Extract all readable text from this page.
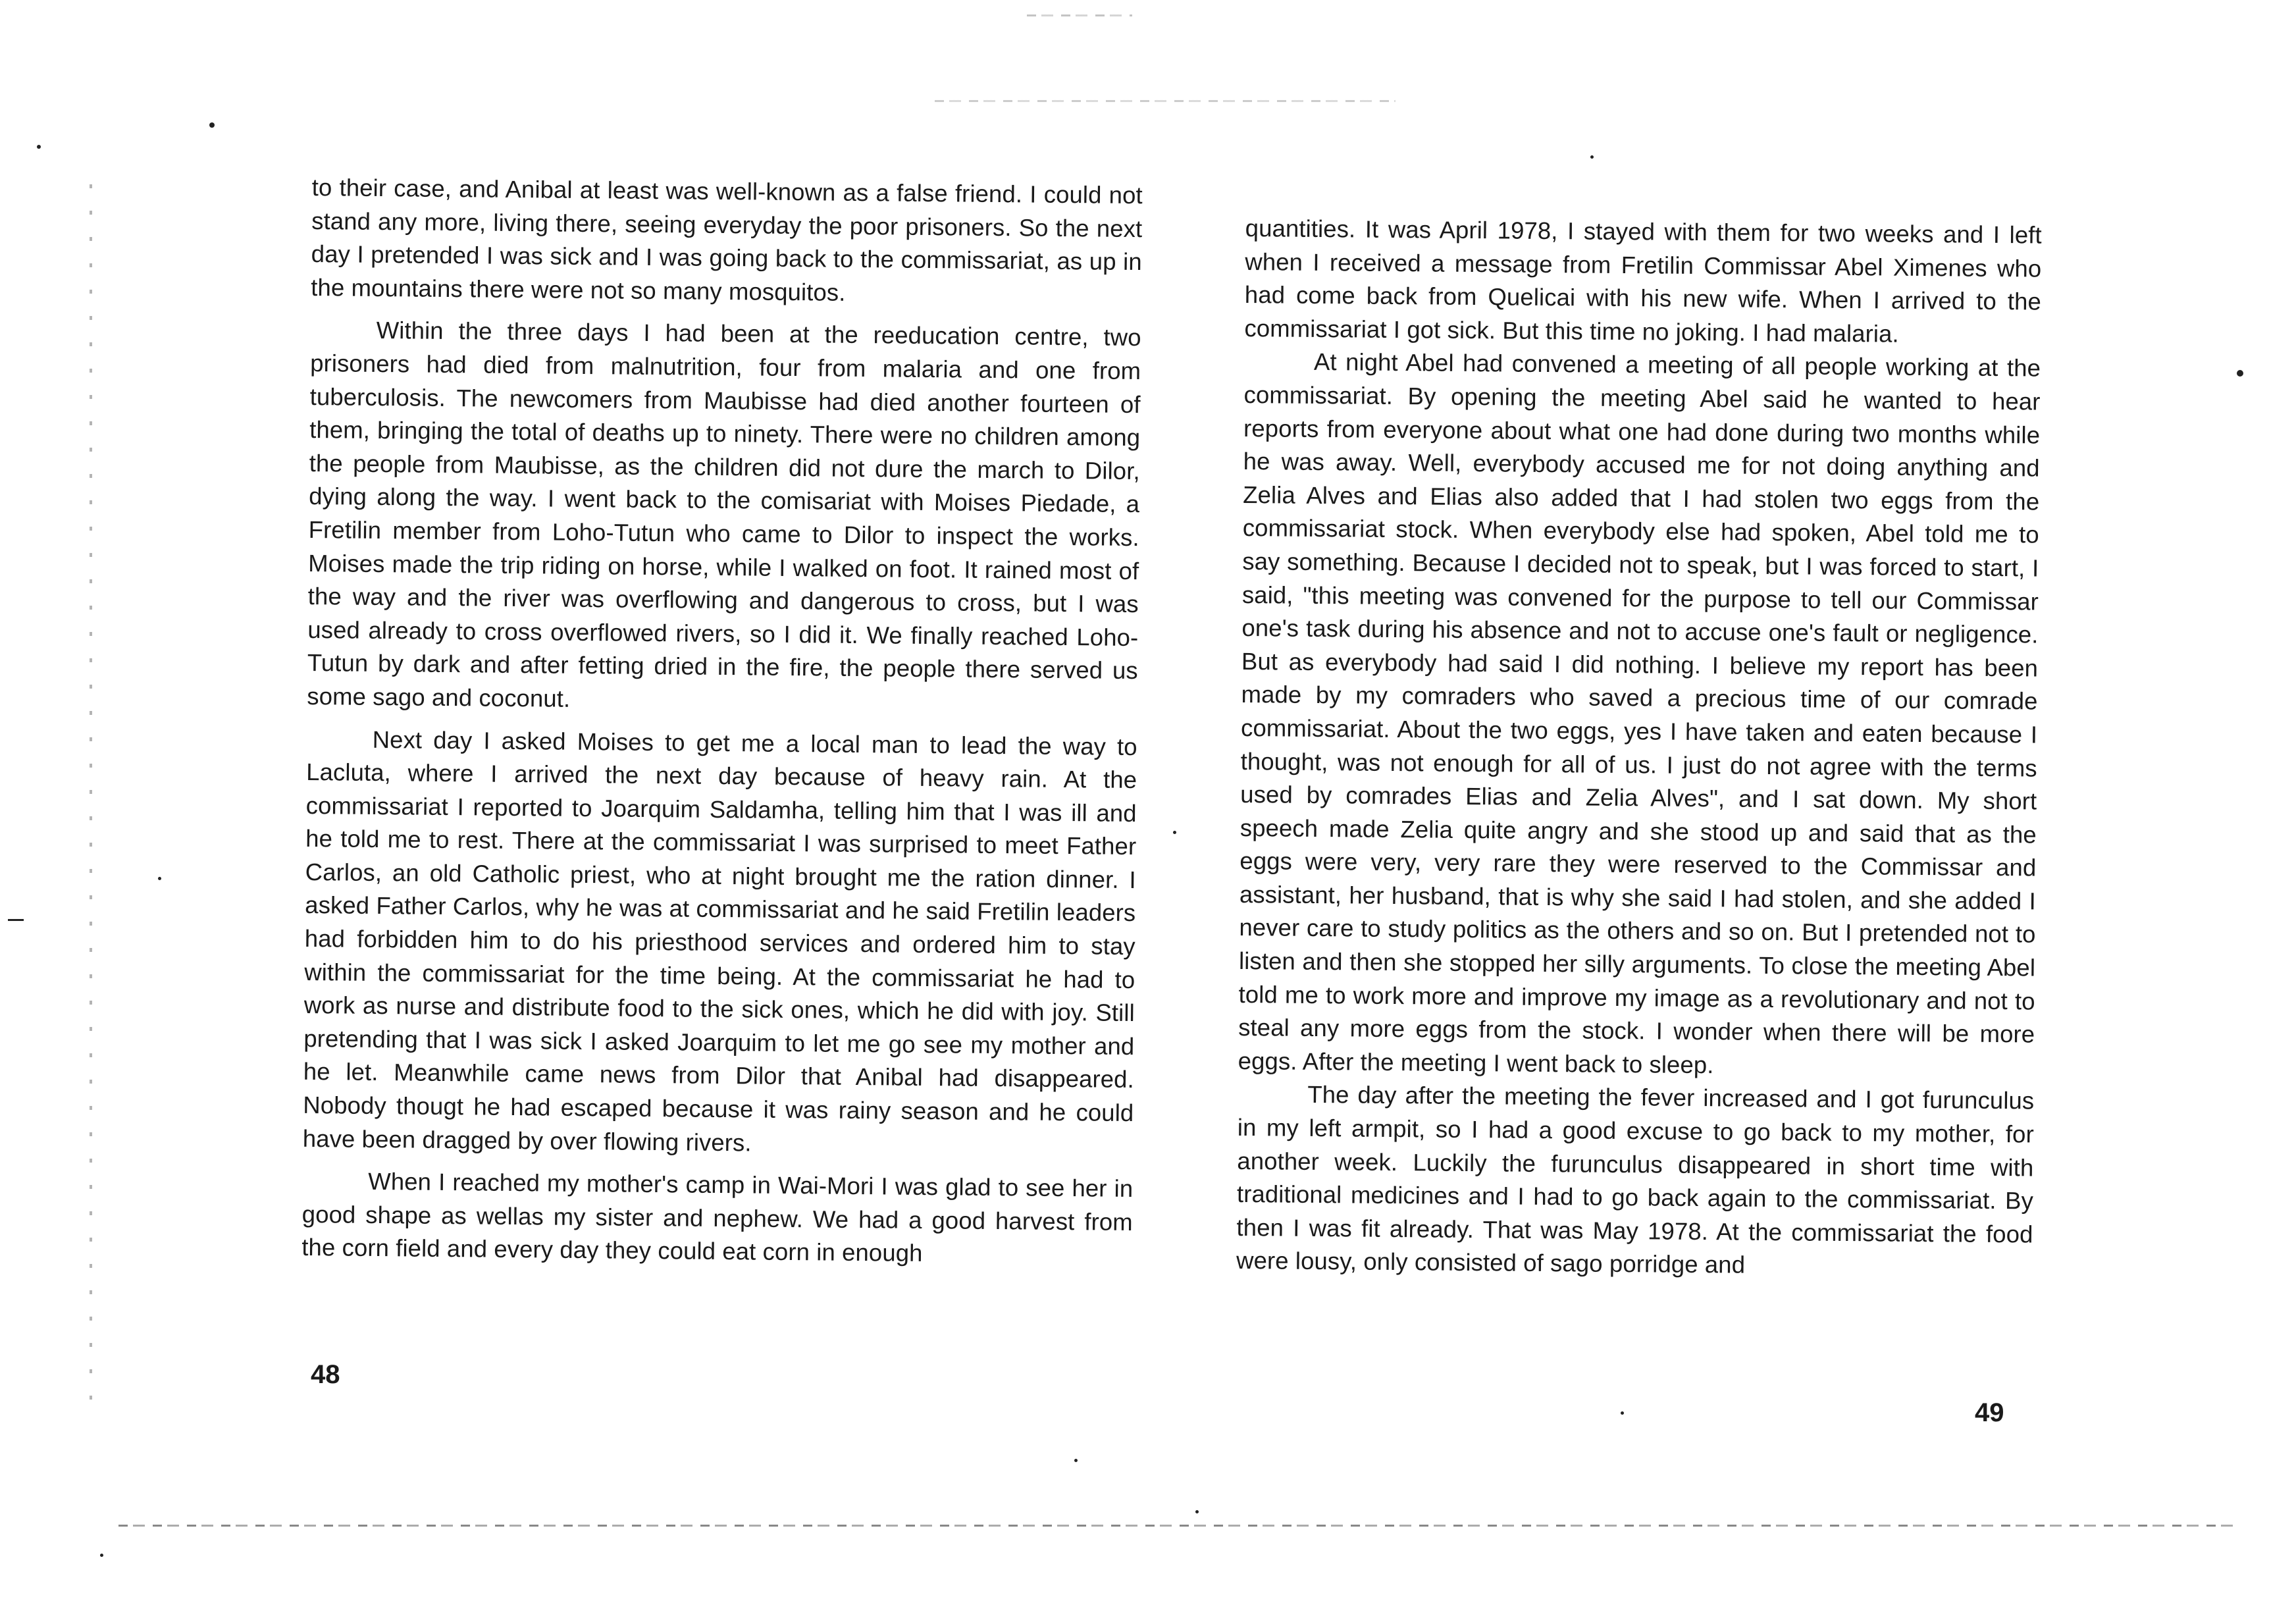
to their case, and Anibal at least was well-known as a false friend. I could not stand any more, living there, seeing everyday the poor prisoners. So the next day I pretended I was sick and I was going back to the commissariat, as up in the mountains there were not so many mosquitos.

Within the three days I had been at the reeducation centre, two prisoners had died from malnutrition, four from malaria and one from tuberculosis. The newcomers from Maubisse had died another fourteen of them, bringing the total of deaths up to ninety. There were no children among the people from Maubisse, as the children did not dure the march to Dilor, dying along the way. I went back to the comisariat with Moises Piedade, a Fretilin member from Loho-Tutun who came to Dilor to inspect the works. Moises made the trip riding on horse, while I walked on foot. It rained most of the way and the river was overflowing and dangerous to cross, but I was used already to cross overflowed rivers, so I did it. We finally reached Loho-Tutun by dark and after fetting dried in the fire, the people there served us some sago and coconut.

Next day I asked Moises to get me a local man to lead the way to Lacluta, where I arrived the next day because of heavy rain. At the commissariat I reported to Joarquim Saldamha, telling him that I was ill and he told me to rest. There at the commissariat I was surprised to meet Father Carlos, an old Catholic priest, who at night brought me the ration dinner. I asked Father Carlos, why he was at commissariat and he said Fretilin leaders had forbidden him to do his priesthood services and ordered him to stay within the commissariat for the time being. At the commissariat he had to work as nurse and distribute food to the sick ones, which he did with joy. Still pretending that I was sick I asked Joarquim to let me go see my mother and he let. Meanwhile came news from Dilor that Anibal had disappeared. Nobody thougt he had escaped because it was rainy season and he could have been dragged by over flowing rivers.

When I reached my mother's camp in Wai-Mori I was glad to see her in good shape as wellas my sister and nephew. We had a good harvest from the corn field and every day they could eat corn in enough

48

quantities. It was April 1978, I stayed with them for two weeks and I left when I received a message from Fretilin Commissar Abel Ximenes who had come back from Quelicai with his new wife. When I arrived to the commissariat I got sick. But this time no joking. I had malaria.

At night Abel had convened a meeting of all people working at the commissariat. By opening the meeting Abel said he wanted to hear reports from everyone about what one had done during two months while he was away. Well, everybody accused me for not doing anything and Zelia Alves and Elias also added that I had stolen two eggs from the commissariat stock. When everybody else had spoken, Abel told me to say something. Because I decided not to speak, but I was forced to start, I said, "this meeting was convened for the purpose to tell our Commissar one's task during his absence and not to accuse one's fault or negligence. But as everybody had said I did nothing. I believe my report has been made by my comraders who saved a precious time of our comrade commissariat. About the two eggs, yes I have taken and eaten because I thought, was not enough for all of us. I just do not agree with the terms used by comrades Elias and Zelia Alves", and I sat down. My short speech made Zelia quite angry and she stood up and said that as the eggs were very, very rare they were reserved to the Commissar and assistant, her husband, that is why she said I had stolen, and she added I never care to study politics as the others and so on. But I pretended not to listen and then she stopped her silly arguments. To close the meeting Abel told me to work more and improve my image as a revolutionary and not to steal any more eggs from the stock. I wonder when there will be more eggs. After the meeting I went back to sleep.

The day after the meeting the fever increased and I got furunculus in my left armpit, so I had a good excuse to go back to my mother, for another week. Luckily the furunculus disappeared in short time with traditional medicines and I had to go back again to the commissariat. By then I was fit already. That was May 1978. At the commissariat the food were lousy, only consisted of sago porridge and

49
